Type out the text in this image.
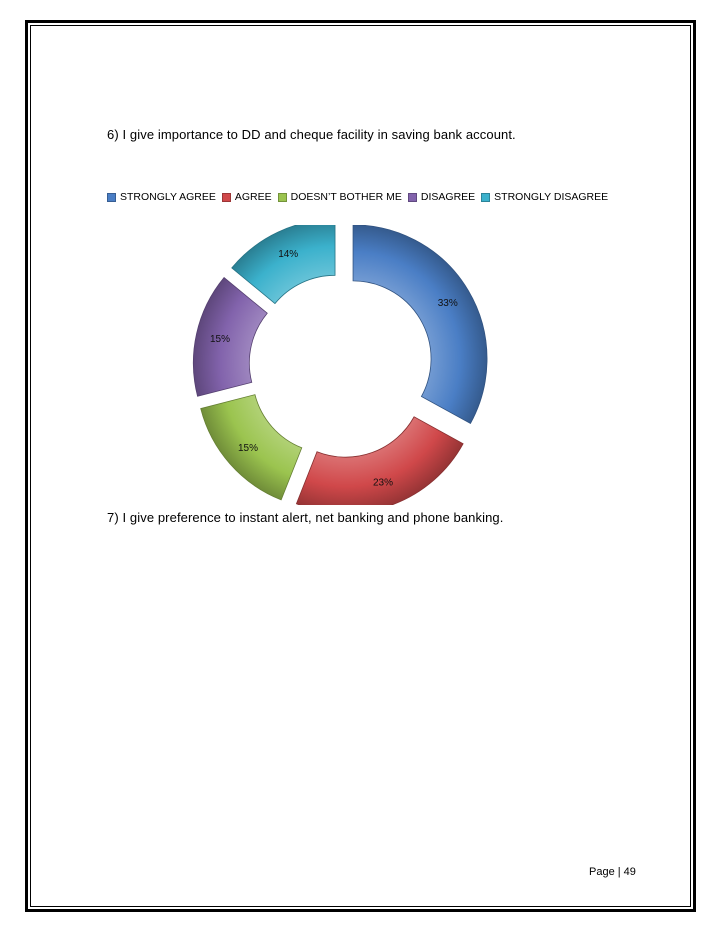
6) I give importance to DD and cheque facility in saving bank account.
STRONGLY AGREE AGREE DOESN’T BOTHER ME DISAGREE STRONGLY DISAGREE
33%
23%
15%
15%
14%
7) I give preference to instant alert, net banking and phone banking.
Page | 49
